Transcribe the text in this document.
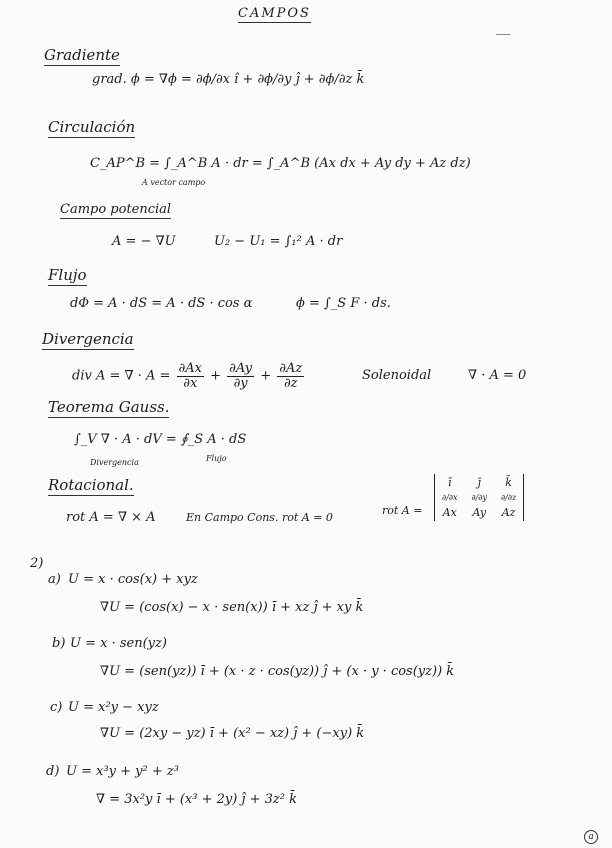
CAMPOS
Gradiente
grad. ϕ = ∇ϕ = ∂ϕ/∂x î + ∂ϕ/∂y ĵ + ∂ϕ/∂z k̄
Circulación
C_AP^B = ∫_A^B A · dr = ∫_A^B (Ax dx + Ay dy + Az dz)
A vector campo
Campo potencial
A = − ∇U	U₂ − U₁ = ∫₁² A · dr
Flujo
dΦ = A · dS = A · dS · cos α	ϕ = ∫_S F · ds.
Divergencia
div A = ∇ · $A = \frac{\partial Ax}{\partial x} + \frac{\partial Ay}{\partial y} + \frac{\partial Az}{\partial z}$	Solenoidal	∇ · A = 0
Teorema Gauss.
∫_V ∇ · A · dV = ∮_S A · dS
Divergencia	Flujo
Rotacional.
rot A = ∇ × A	En Campo Cons. rot A = 0
rot A =
ī	j̄	k̄
∂/∂x	∂/∂y	∂/∂z
Ax	Ay	Az
2)
a) U = x · cos(x) + xyz
∇U = (cos(x) − x · sen(x)) ī + xz ĵ + xy k̄
b) U = x · sen(yz)
∇U = (sen(yz)) ī + (x · z · cos(yz)) ĵ + (x · y · cos(yz)) k̄
c) U = x²y − xyz
∇U = (2xy − yz) ī + (x² − xz) ĵ + (−xy) k̄
d) U = x³y + y² + z³
∇ = 3x²y ī + (x³ + 2y) ĵ + 3z² k̄
a
